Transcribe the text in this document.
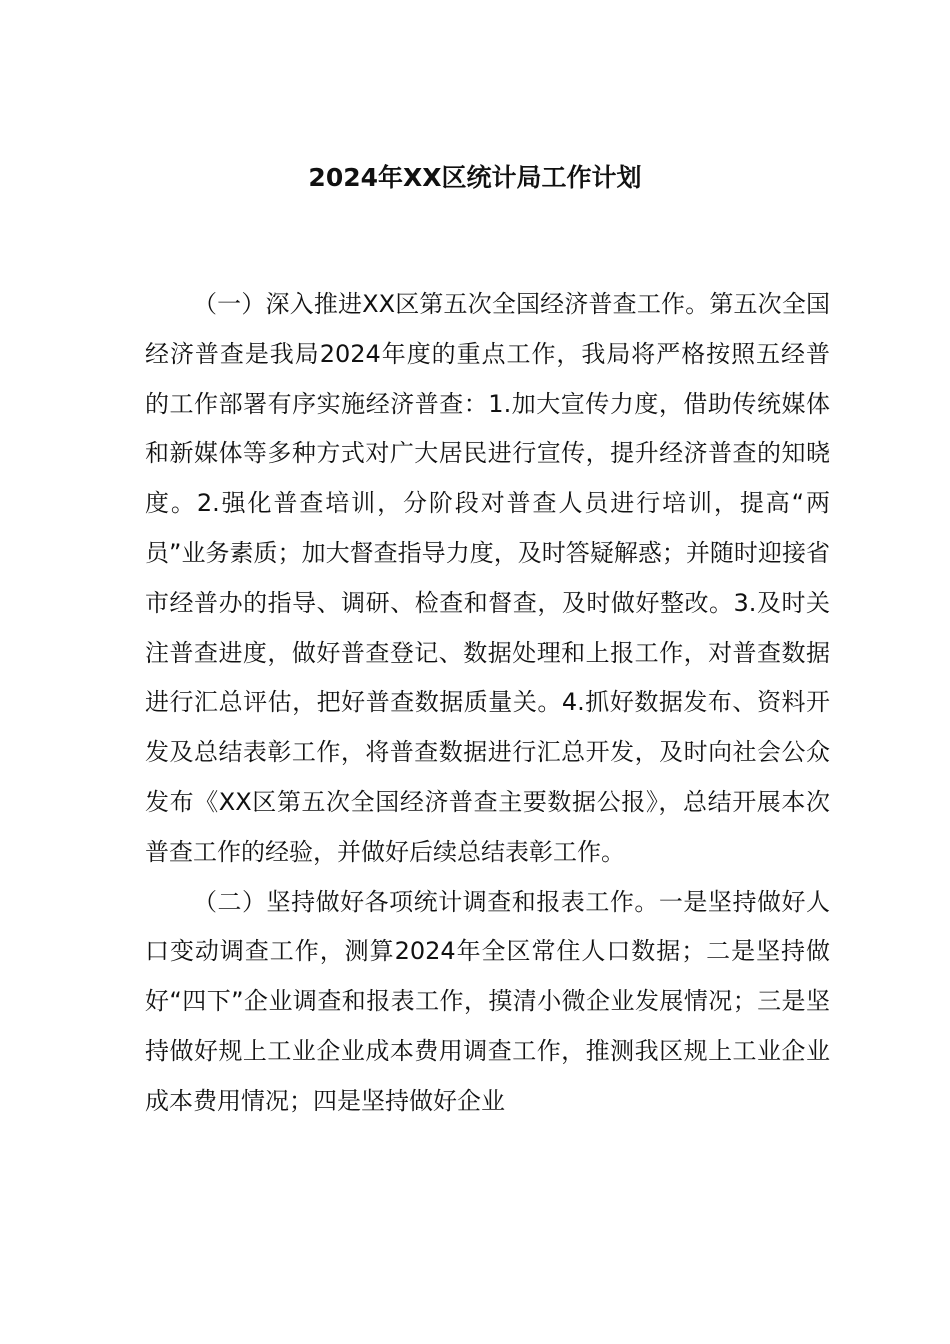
2024年XX区统计局工作计划

（一）深入推进XX区第五次全国经济普查工作。第五次全国经济普查是我局2024年度的重点工作，我局将严格按照五经普的工作部署有序实施经济普查：1.加大宣传力度，借助传统媒体和新媒体等多种方式对广大居民进行宣传，提升经济普查的知晓度。2.强化普查培训，分阶段对普查人员进行培训，提高“两员”业务素质；加大督查指导力度，及时答疑解惑；并随时迎接省市经普办的指导、调研、检查和督查，及时做好整改。3.及时关注普查进度，做好普查登记、数据处理和上报工作，对普查数据进行汇总评估，把好普查数据质量关。4.抓好数据发布、资料开发及总结表彰工作，将普查数据进行汇总开发，及时向社会公众发布《XX区第五次全国经济普查主要数据公报》，总结开展本次普查工作的经验，并做好后续总结表彰工作。

（二）坚持做好各项统计调查和报表工作。一是坚持做好人口变动调查工作，测算2024年全区常住人口数据；二是坚持做好“四下”企业调查和报表工作，摸清小微企业发展情况；三是坚持做好规上工业企业成本费用调查工作，推测我区规上工业企业成本费用情况；四是坚持做好企业
